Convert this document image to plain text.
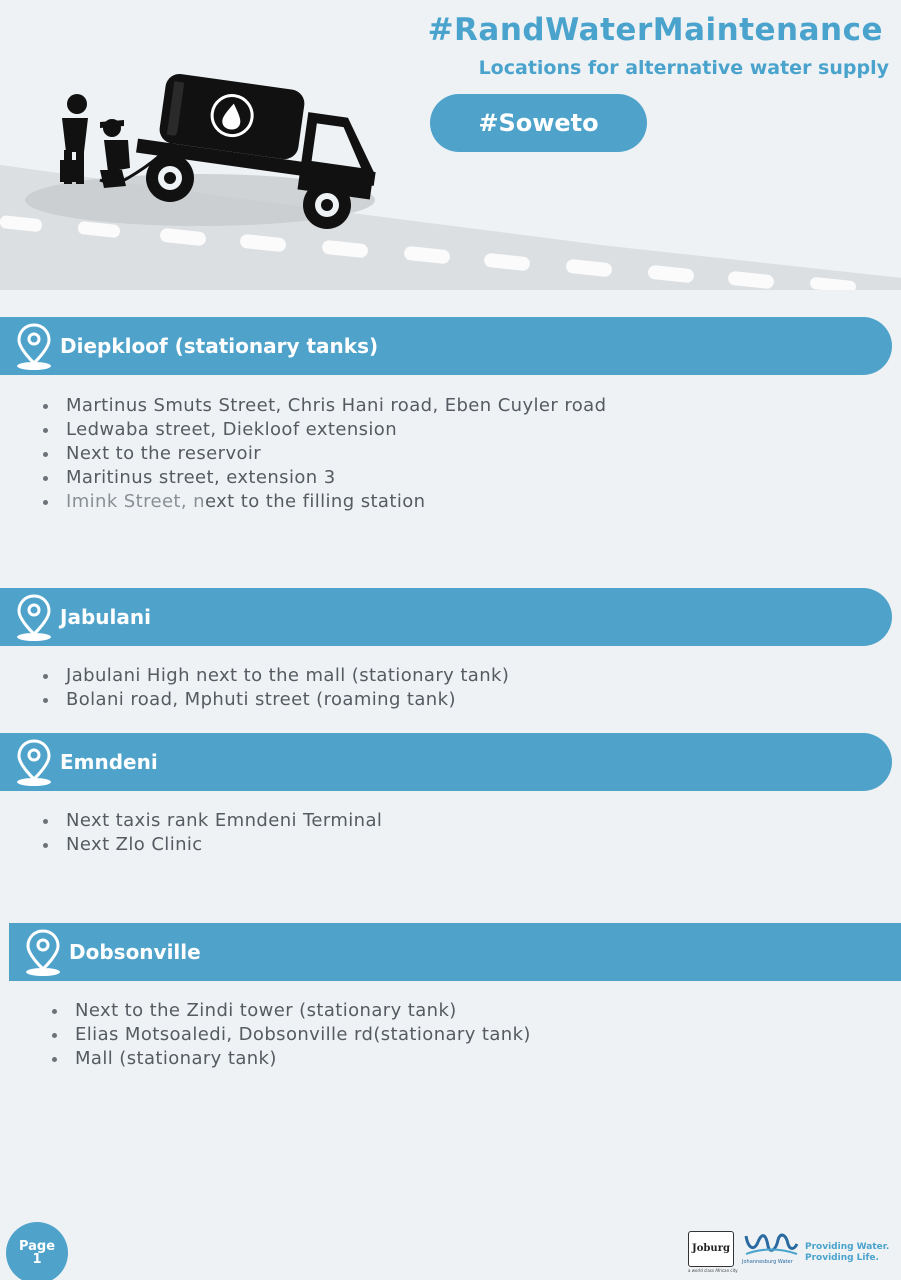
#RandWaterMaintenance
Locations for alternative water supply
#Soweto
Diepkloof (stationary tanks)
Martinus Smuts Street, Chris Hani road, Eben Cuyler road
Ledwaba street, Diekloof extension
Next to the reservoir
Maritinus street, extension 3
Imink Street, next to the filling station
Jabulani
Jabulani High next to the mall (stationary tank)
Bolani road, Mphuti street (roaming tank)
Emndeni
Next taxis rank Emndeni Terminal
Next Zlo Clinic
Dobsonville
Next to the Zindi tower (stationary tank)
Elias Motsoaledi, Dobsonville rd(stationary tank)
Mall (stationary tank)
Page
1
Joburg
a world class African city
Johannesburg Water
Providing Water.
Providing Life.
